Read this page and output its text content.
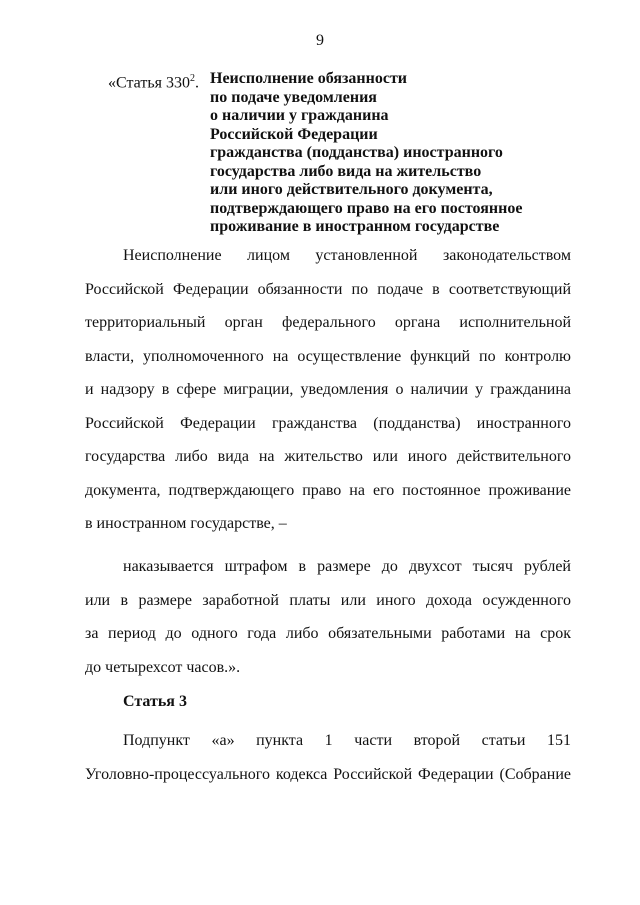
9
«Статья $330^2$. Неисполнение обязанности
по подаче уведомления
о наличии у гражданина
Российской Федерации
гражданства (подданства) иностранного
государства либо вида на жительство
или иного действительного документа,
подтверждающего право на его постоянное
проживание в иностранном государстве
Неисполнение лицом установленной законодательством
Российской Федерации обязанности по подаче в соответствующий
территориальный орган федерального органа исполнительной
власти, уполномоченного на осуществление функций по контролю
и надзору в сфере миграции, уведомления о наличии у гражданина
Российской Федерации гражданства (подданства) иностранного
государства либо вида на жительство или иного действительного
документа, подтверждающего право на его постоянное проживание
в иностранном государстве, –
наказывается штрафом в размере до двухсот тысяч рублей
или в размере заработной платы или иного дохода осужденного
за период до одного года либо обязательными работами на срок
до четырехсот часов.».
Статья 3
Подпункт «а» пункта 1 части второй статьи 151
Уголовно-процессуального кодекса Российской Федерации (Собрание
